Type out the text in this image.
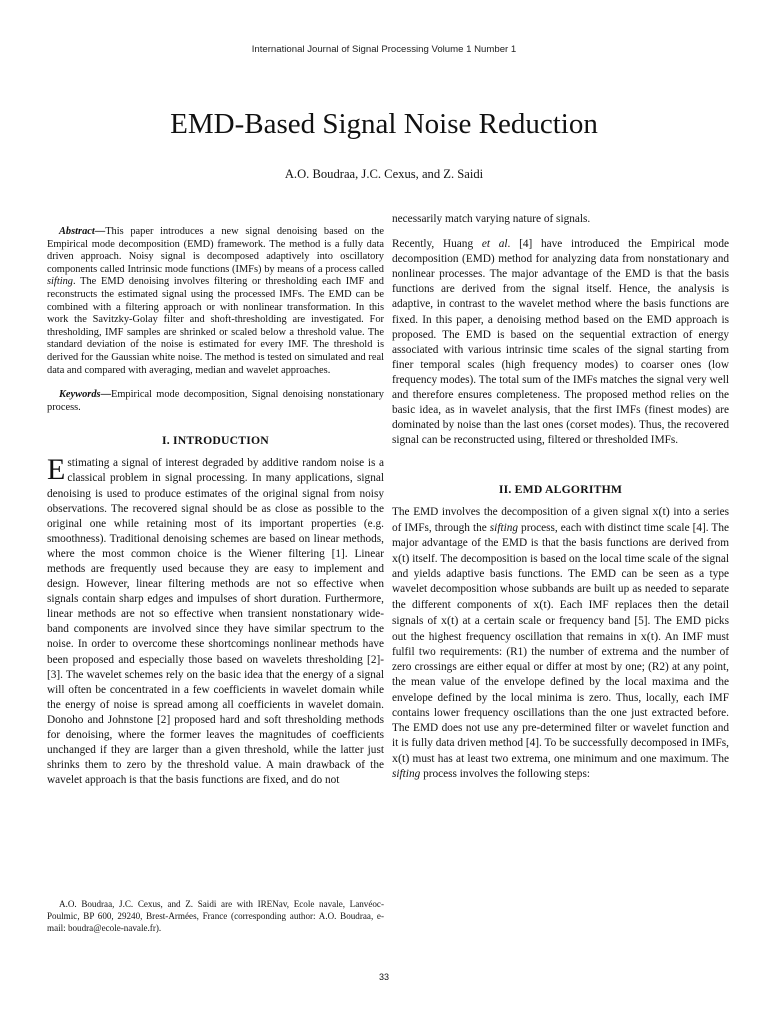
International Journal of Signal Processing Volume 1 Number 1
EMD-Based Signal Noise Reduction
A.O. Boudraa, J.C. Cexus, and Z. Saidi

Abstract—This paper introduces a new signal denoising based on the Empirical mode decomposition (EMD) framework. The method is a fully data driven approach. Noisy signal is decomposed adaptively into oscillatory components called Intrinsic mode functions (IMFs) by means of a process called sifting. The EMD denoising involves filtering or thresholding each IMF and reconstructs the estimated signal using the processed IMFs. The EMD can be combined with a filtering approach or with nonlinear transformation. In this work the Savitzky-Golay filter and shoft-thresholding are investigated. For thresholding, IMF samples are shrinked or scaled below a threshold value. The standard deviation of the noise is estimated for every IMF. The threshold is derived for the Gaussian white noise. The method is tested on simulated and real data and compared with averaging, median and wavelet approaches.

Keywords—Empirical mode decomposition, Signal denoising nonstationary process.

I. INTRODUCTION

Estimating a signal of interest degraded by additive random noise is a classical problem in signal processing. In many applications, signal denoising is used to produce estimates of the original signal from noisy observations. The recovered signal should be as close as possible to the original one while retaining most of its important properties (e.g. smoothness). Traditional denoising schemes are based on linear methods, where the most common choice is the Wiener filtering [1]. Linear methods are frequently used because they are easy to implement and design. However, linear filtering methods are not so effective when signals contain sharp edges and impulses of short duration. Furthermore, linear methods are not so effective when transient nonstationary wide-band components are involved since they have similar spectrum to the noise. In order to overcome these shortcomings nonlinear methods have been proposed and especially those based on wavelets thresholding [2]-[3]. The wavelet schemes rely on the basic idea that the energy of a signal will often be concentrated in a few coefficients in wavelet domain while the energy of noise is spread among all coefficients in wavelet domain. Donoho and Johnstone [2] proposed hard and soft thresholding methods for denoising, where the former leaves the magnitudes of coefficients unchanged if they are larger than a given threshold, while the latter just shrinks them to zero by the threshold value. A main drawback of the wavelet approach is that the basis functions are fixed, and do not

necessarily match varying nature of signals.

Recently, Huang et al. [4] have introduced the Empirical mode decomposition (EMD) method for analyzing data from nonstationary and nonlinear processes. The major advantage of the EMD is that the basis functions are derived from the signal itself. Hence, the analysis is adaptive, in contrast to the wavelet method where the basis functions are fixed. In this paper, a denoising method based on the EMD approach is proposed. The EMD is based on the sequential extraction of energy associated with various intrinsic time scales of the signal starting from finer temporal scales (high frequency modes) to coarser ones (low frequency modes). The total sum of the IMFs matches the signal very well and therefore ensures completeness. The proposed method relies on the basic idea, as in wavelet analysis, that the first IMFs (finest modes) are dominated by noise than the last ones (corset modes). Thus, the recovered signal can be reconstructed using, filtered or thresholded IMFs.

II. EMD ALGORITHM

The EMD involves the decomposition of a given signal x(t) into a series of IMFs, through the sifting process, each with distinct time scale [4]. The major advantage of the EMD is that the basis functions are derived from x(t) itself. The decomposition is based on the local time scale of the signal and yields adaptive basis functions. The EMD can be seen as a type wavelet decomposition whose subbands are built up as needed to separate the different components of x(t). Each IMF replaces then the detail signals of x(t) at a certain scale or frequency band [5]. The EMD picks out the highest frequency oscillation that remains in x(t). An IMF must fulfil two requirements: (R1) the number of extrema and the number of zero crossings are either equal or differ at most by one; (R2) at any point, the mean value of the envelope defined by the local maxima and the envelope defined by the local minima is zero. Thus, locally, each IMF contains lower frequency oscillations than the one just extracted before. The EMD does not use any pre-determined filter or wavelet function and it is fully data driven method [4]. To be successfully decomposed in IMFs, x(t) must has at least two extrema, one minimum and one maximum. The sifting process involves the following steps:

A.O. Boudraa, J.C. Cexus, and Z. Saidi are with IRENav, Ecole navale, Lanvéoc-Poulmic, BP 600, 29240, Brest-Armées, France (corresponding author: A.O. Boudraa, e-mail: boudra@ecole-navale.fr).
33
